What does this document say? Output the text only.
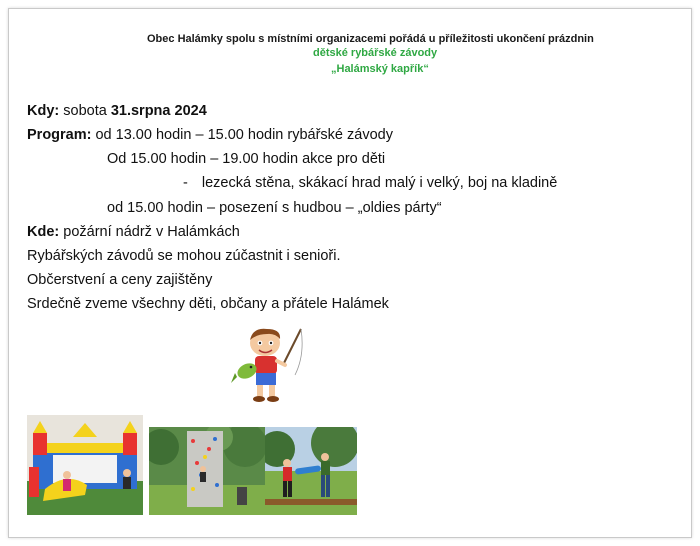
Obec Halámky spolu s místními organizacemi pořádá u příležitosti ukončení prázdnin
dětské rybářské závody
„Halámský kapřík“
Kdy: sobota 31.srpna 2024
Program: od 13.00 hodin – 15.00 hodin rybářské závody
Od 15.00 hodin – 19.00 hodin akce pro děti
- lezecká stěna, skákací hrad malý i velký, boj na kladině
od 15.00 hodin – posezení s hudbou – „oldies párty“
Kde: požární nádrž v Halámkách
Rybářských závodů se mohou zúčastnit i senioři.
Občerstvení a ceny zajištěny
Srdečně zveme všechny děti, občany a přátele Halámek
